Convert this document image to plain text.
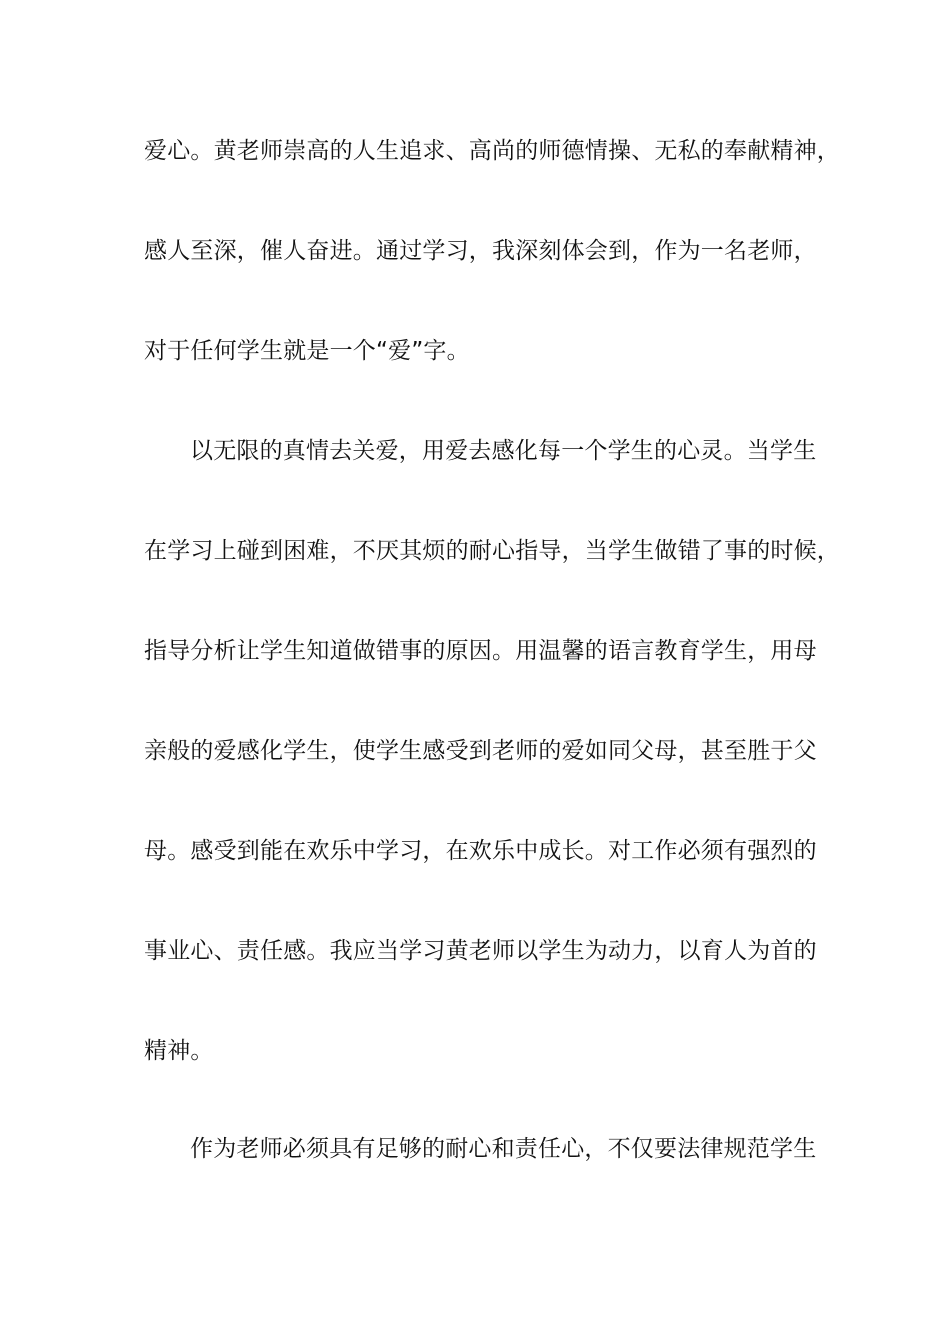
爱心。黄老师崇高的人生追求、高尚的师德情操、无私的奉献精神，
感人至深，催人奋进。通过学习，我深刻体会到，作为一名老师，
对于任何学生就是一个“爱”字。
以无限的真情去关爱，用爱去感化每一个学生的心灵。当学生
在学习上碰到困难，不厌其烦的耐心指导，当学生做错了事的时候，
指导分析让学生知道做错事的原因。用温馨的语言教育学生，用母
亲般的爱感化学生，使学生感受到老师的爱如同父母，甚至胜于父
母。感受到能在欢乐中学习，在欢乐中成长。对工作必须有强烈的
事业心、责任感。我应当学习黄老师以学生为动力，以育人为首的
精神。
作为老师必须具有足够的耐心和责任心，不仅要法律规范学生
